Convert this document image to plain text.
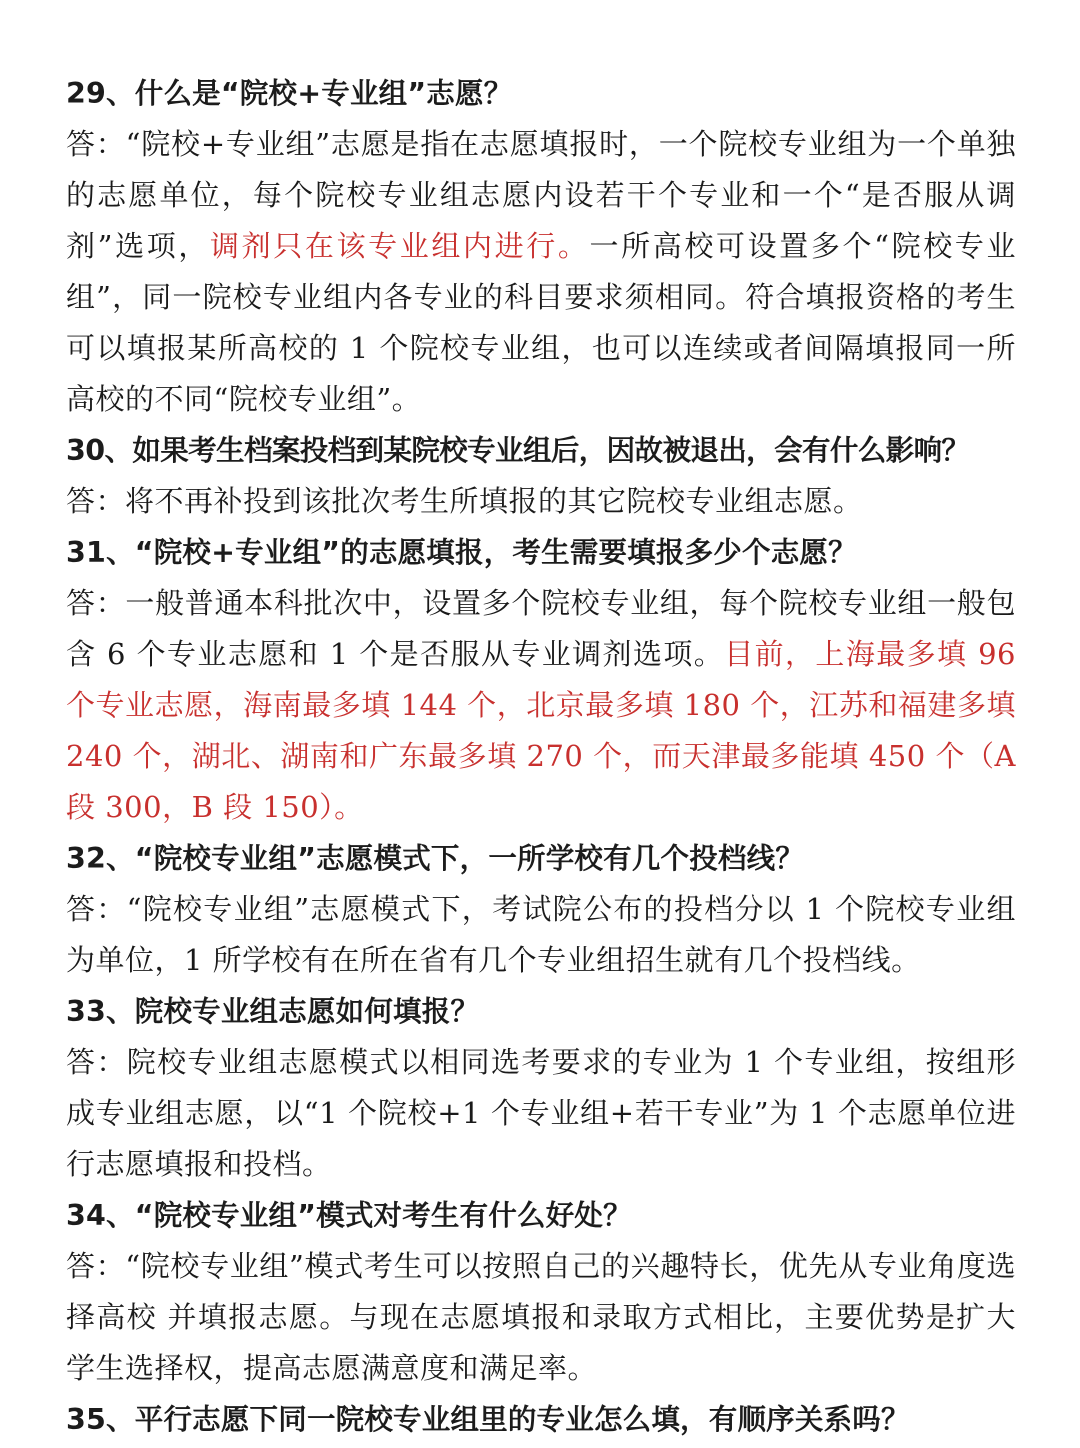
29、什么是“院校+专业组”志愿？

答：“院校+专业组”志愿是指在志愿填报时，一个院校专业组为一个单独的志愿单位，每个院校专业组志愿内设若干个专业和一个“是否服从调剂”选项，调剂只在该专业组内进行。一所高校可设置多个“院校专业组”，同一院校专业组内各专业的科目要求须相同。符合填报资格的考生可以填报某所高校的 1 个院校专业组，也可以连续或者间隔填报同一所高校的不同“院校专业组”。

30、如果考生档案投档到某院校专业组后，因故被退出，会有什么影响？

答：将不再补投到该批次考生所填报的其它院校专业组志愿。

31、“院校+专业组”的志愿填报，考生需要填报多少个志愿？

答：一般普通本科批次中，设置多个院校专业组，每个院校专业组一般包含 6 个专业志愿和 1 个是否服从专业调剂选项。目前，上海最多填 96 个专业志愿，海南最多填 144 个，北京最多填 180 个，江苏和福建多填 240 个，湖北、湖南和广东最多填 270 个，而天津最多能填 450 个（A 段 300，B 段 150）。

32、“院校专业组”志愿模式下，一所学校有几个投档线？

答：“院校专业组”志愿模式下，考试院公布的投档分以 1 个院校专业组为单位，1 所学校有在所在省有几个专业组招生就有几个投档线。

33、院校专业组志愿如何填报？

答：院校专业组志愿模式以相同选考要求的专业为 1 个专业组，按组形成专业组志愿，以“1 个院校+1 个专业组+若干专业”为 1 个志愿单位进行志愿填报和投档。

34、“院校专业组”模式对考生有什么好处？

答：“院校专业组”模式考生可以按照自己的兴趣特长，优先从专业角度选择高校 并填报志愿。与现在志愿填报和录取方式相比，主要优势是扩大学生选择权，提高志愿满意度和满足率。

35、平行志愿下同一院校专业组里的专业怎么填，有顺序关系吗？
